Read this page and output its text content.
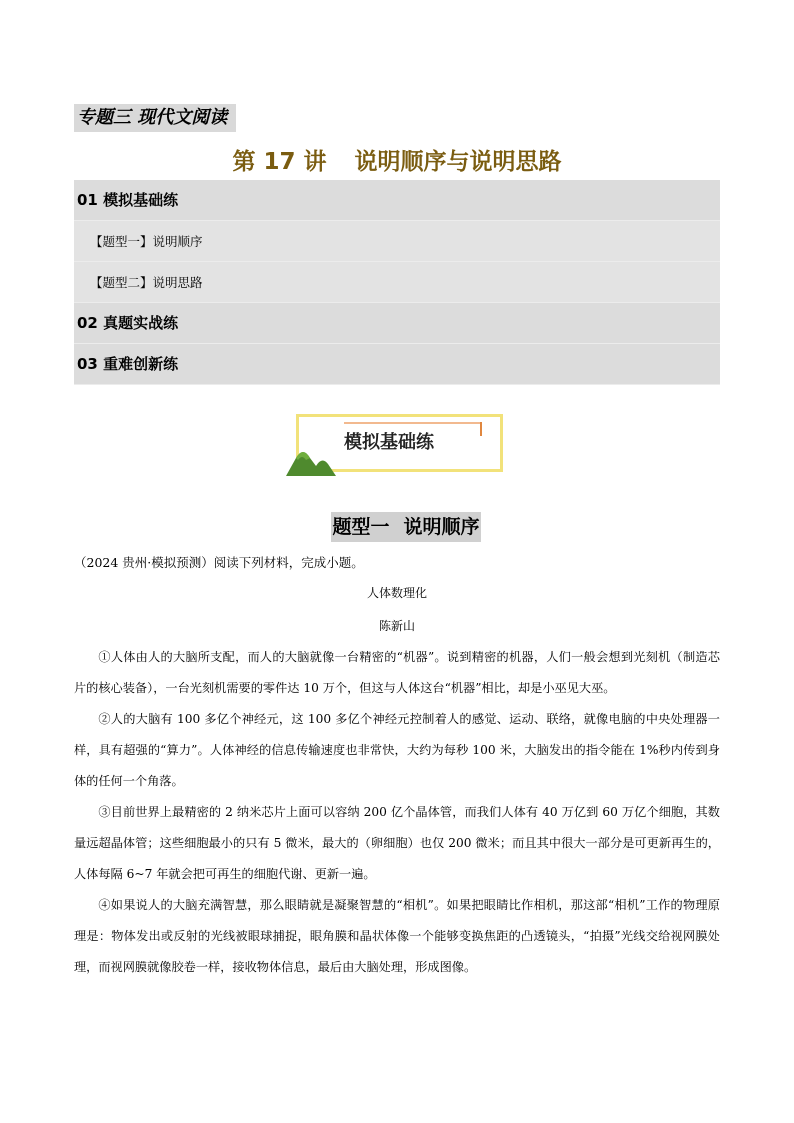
专题三 现代文阅读
第 17 讲 说明顺序与说明思路
01 模拟基础练
【题型一】说明顺序
【题型二】说明思路
02 真题实战练
03 重难创新练
模拟基础练
题型一 说明顺序
（2024 贵州·模拟预测）阅读下列材料，完成小题。
人体数理化
陈新山

①人体由人的大脑所支配，而人的大脑就像一台精密的“机器”。说到精密的机器，人们一般会想到光刻机（制造芯片的核心装备），一台光刻机需要的零件达 10 万个，但这与人体这台“机器”相比，却是小巫见大巫。

②人的大脑有 100 多亿个神经元，这 100 多亿个神经元控制着人的感觉、运动、联络，就像电脑的中央处理器一样，具有超强的“算力”。人体神经的信息传输速度也非常快，大约为每秒 100 米，大脑发出的指令能在 1%秒内传到身体的任何一个角落。

③目前世界上最精密的 2 纳米芯片上面可以容纳 200 亿个晶体管，而我们人体有 40 万亿到 60 万亿个细胞，其数量远超晶体管；这些细胞最小的只有 5 微米，最大的（卵细胞）也仅 200 微米；而且其中很大一部分是可更新再生的，人体每隔 6~7 年就会把可再生的细胞代谢、更新一遍。

④如果说人的大脑充满智慧，那么眼睛就是凝聚智慧的“相机”。如果把眼睛比作相机，那这部“相机”工作的物理原理是：物体发出或反射的光线被眼球捕捉，眼角膜和晶状体像一个能够变换焦距的凸透镜头，“拍摄”光线交给视网膜处理，而视网膜就像胶卷一样，接收物体信息，最后由大脑处理，形成图像。
